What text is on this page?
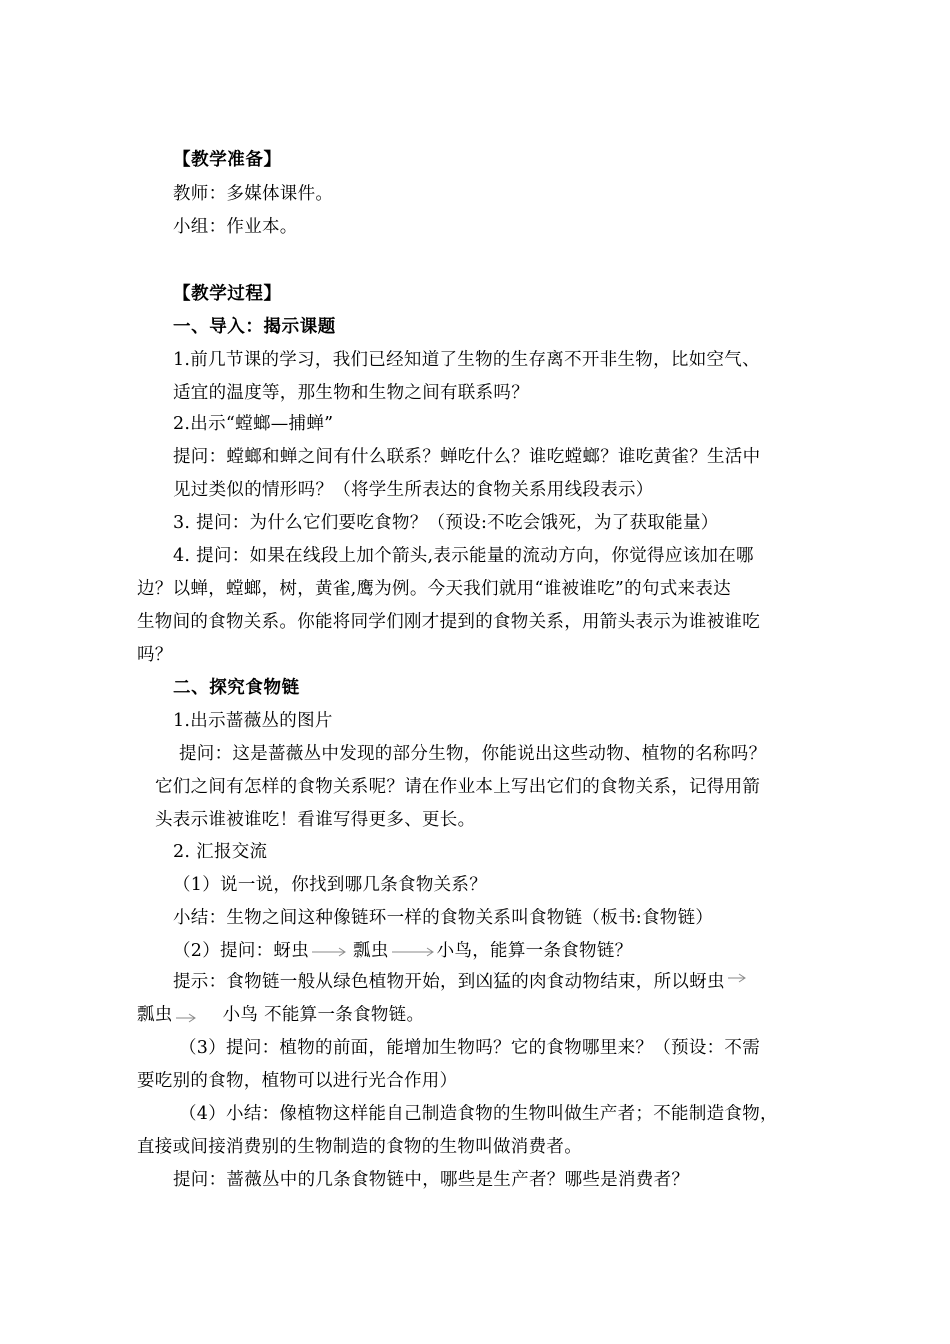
【教学准备】
教师：多媒体课件。
小组：作业本。
【教学过程】
一、导入：揭示课题
1.前几节课的学习，我们已经知道了生物的生存离不开非生物，比如空气、
适宜的温度等，那生物和生物之间有联系吗？
2.出示“螳螂—捕蝉”
提问：螳螂和蝉之间有什么联系？蝉吃什么？谁吃螳螂？谁吃黄雀？生活中
见过类似的情形吗？（将学生所表达的食物关系用线段表示）
3. 提问：为什么它们要吃食物？（预设:不吃会饿死，为了获取能量）
4. 提问：如果在线段上加个箭头,表示能量的流动方向，你觉得应该加在哪
边？以蝉，螳螂，树，黄雀,鹰为例。今天我们就用“谁被谁吃”的句式来表达
生物间的食物关系。你能将同学们刚才提到的食物关系，用箭头表示为谁被谁吃
吗？
二、探究食物链
1.出示蔷薇丛的图片
提问：这是蔷薇丛中发现的部分生物，你能说出这些动物、植物的名称吗？
它们之间有怎样的食物关系呢？请在作业本上写出它们的食物关系，记得用箭
头表示谁被谁吃！看谁写得更多、更长。
2. 汇报交流
（1）说一说，你找到哪几条食物关系？
小结：生物之间这种像链环一样的食物关系叫食物链（板书:食物链）
（2）提问：蚜虫	瓢虫	小鸟，能算一条食物链？
提示：食物链一般从绿色植物开始，到凶猛的肉食动物结束，所以蚜虫
瓢虫	小鸟 不能算一条食物链。
（3）提问：植物的前面，能增加生物吗？它的食物哪里来？（预设：不需
要吃别的食物，植物可以进行光合作用）
（4）小结：像植物这样能自己制造食物的生物叫做生产者；不能制造食物，
直接或间接消费别的生物制造的食物的生物叫做消费者。
提问：蔷薇丛中的几条食物链中，哪些是生产者？哪些是消费者？
